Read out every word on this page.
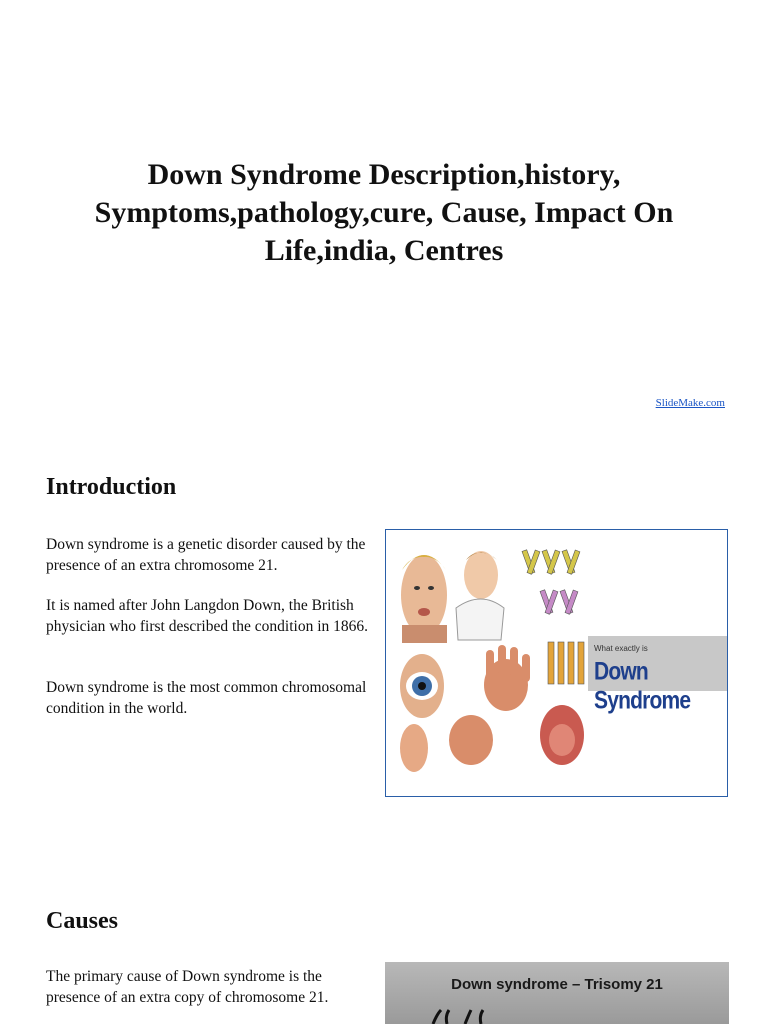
Down Syndrome Description,history, Symptoms,pathology,cure, Cause, Impact On Life,india, Centres
SlideMake.com
Introduction

Down syndrome is a genetic disorder caused by the presence of an extra chromosome 21.

It is named after John Langdon Down, the British physician who first described the condition in 1866.

Down syndrome is the most common chromosomal condition in the world.

What exactly is
Down Syndrome
Causes

The primary cause of Down syndrome is the presence of an extra copy of chromosome 21.

Down syndrome – Trisomy 21
